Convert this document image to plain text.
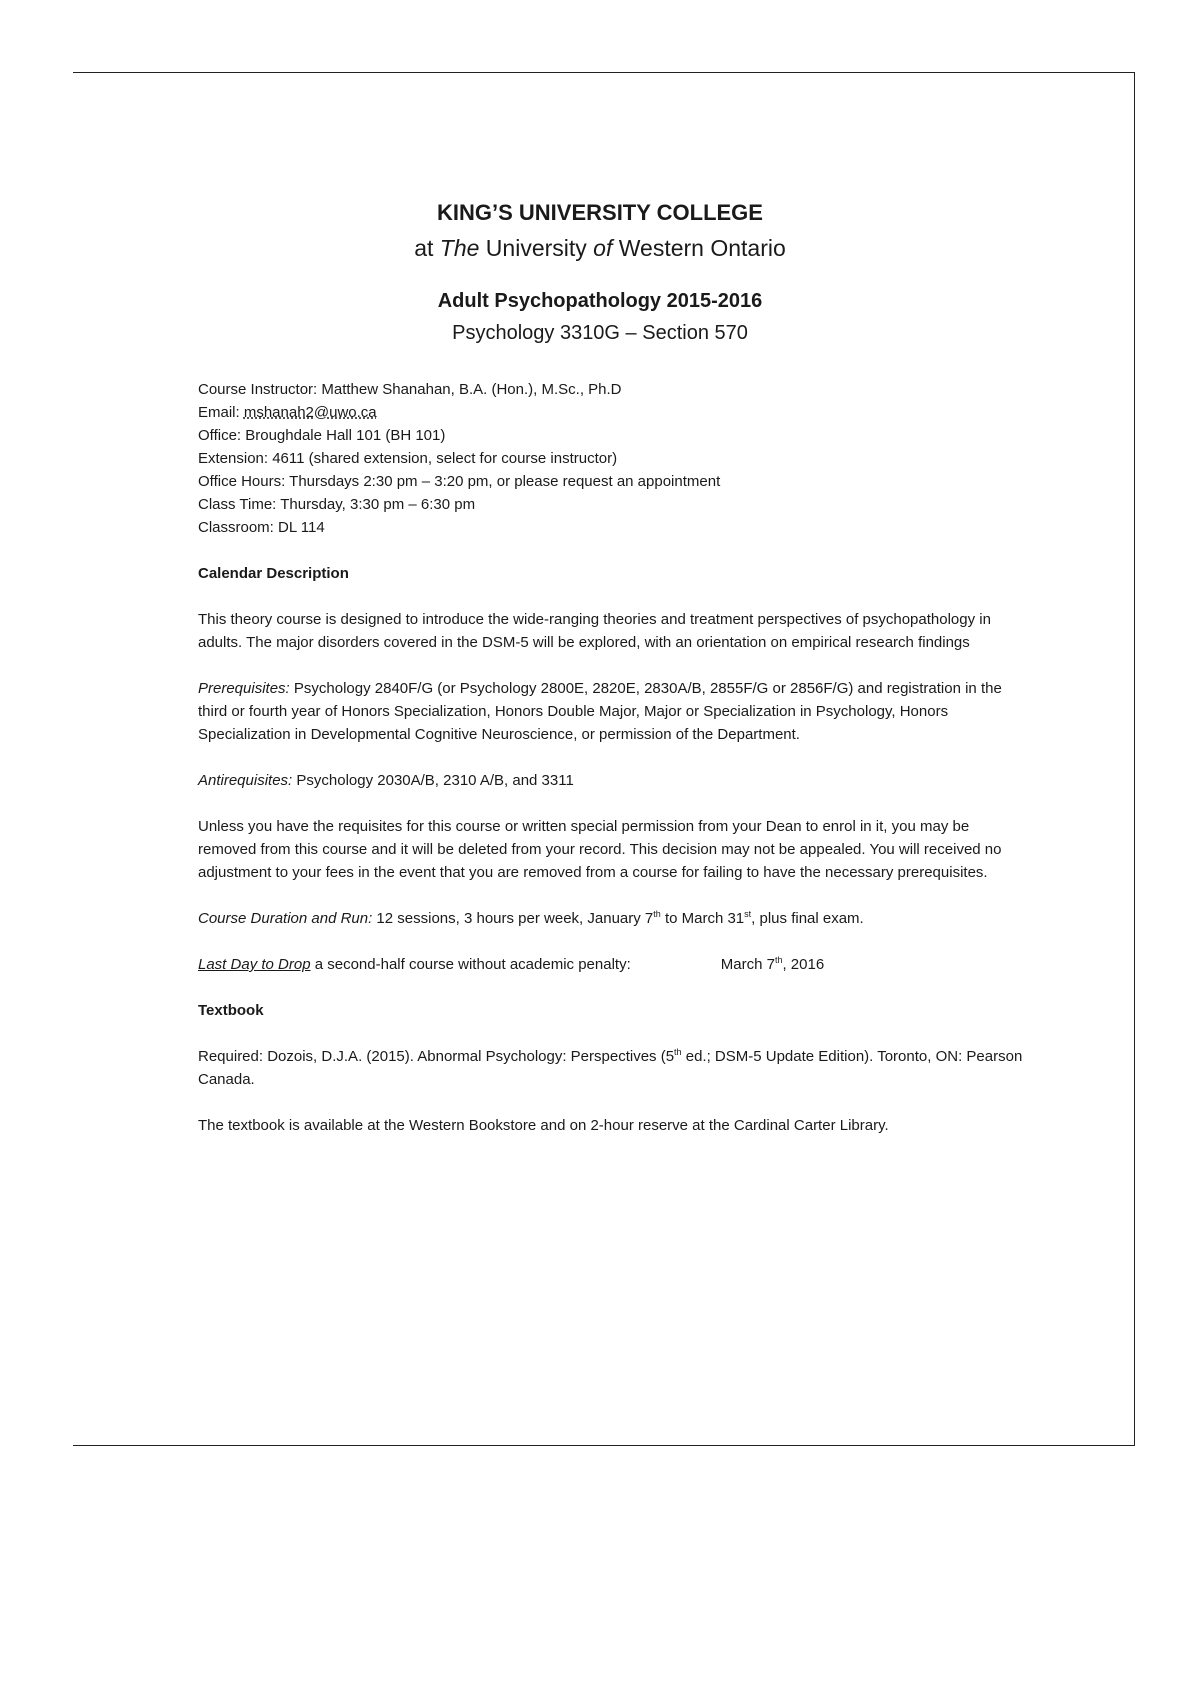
KING’S UNIVERSITY COLLEGE
at The University of Western Ontario
Adult Psychopathology 2015-2016
Psychology 3310G – Section 570
Course Instructor: Matthew Shanahan, B.A. (Hon.), M.Sc., Ph.D
Email: mshanah2@uwo.ca
Office: Broughdale Hall 101 (BH 101)
Extension: 4611 (shared extension, select for course instructor)
Office Hours: Thursdays 2:30 pm – 3:20 pm, or please request an appointment
Class Time: Thursday, 3:30 pm – 6:30 pm
Classroom: DL 114
Calendar Description

This theory course is designed to introduce the wide-ranging theories and treatment perspectives of psychopathology in adults. The major disorders covered in the DSM-5 will be explored, with an orientation on empirical research findings

Prerequisites: Psychology 2840F/G (or Psychology 2800E, 2820E, 2830A/B, 2855F/G or 2856F/G) and registration in the third or fourth year of Honors Specialization, Honors Double Major, Major or Specialization in Psychology, Honors Specialization in Developmental Cognitive Neuroscience, or permission of the Department.

Antirequisites: Psychology 2030A/B, 2310 A/B, and 3311

Unless you have the requisites for this course or written special permission from your Dean to enrol in it, you may be removed from this course and it will be deleted from your record. This decision may not be appealed. You will received no adjustment to your fees in the event that you are removed from a course for failing to have the necessary prerequisites.

Course Duration and Run: 12 sessions, 3 hours per week, January 7th to March 31st, plus final exam.

Last Day to Drop a second-half course without academic penalty:	March 7th, 2016

Textbook

Required: Dozois, D.J.A. (2015). Abnormal Psychology: Perspectives (5th ed.; DSM-5 Update Edition). Toronto, ON: Pearson Canada.

The textbook is available at the Western Bookstore and on 2-hour reserve at the Cardinal Carter Library.
